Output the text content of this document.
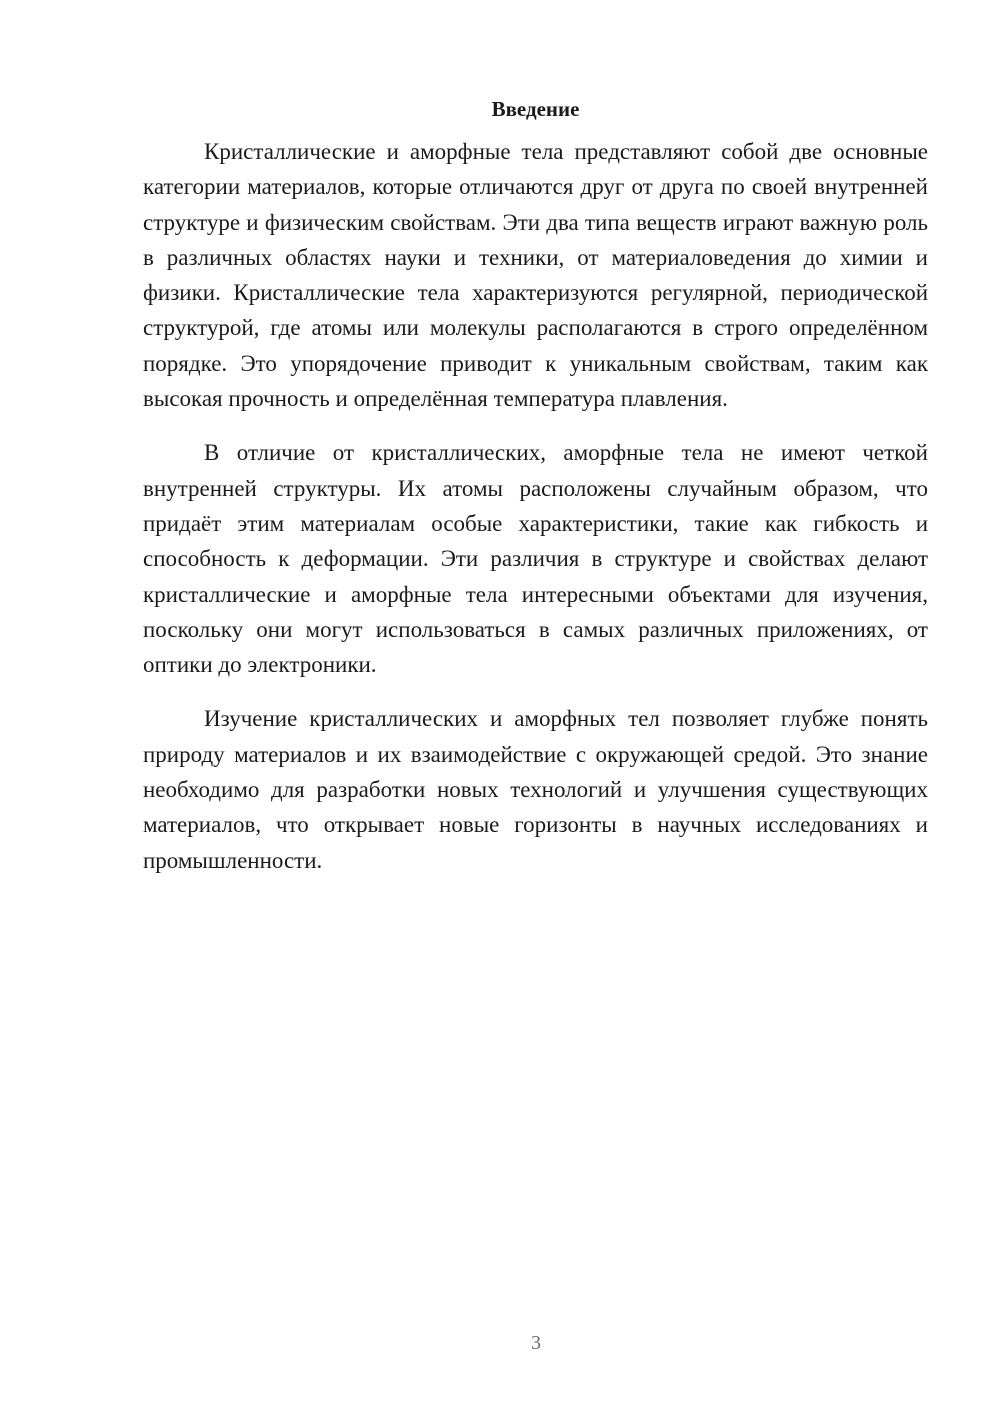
Введение

Кристаллические и аморфные тела представляют собой две основные категории материалов, которые отличаются друг от друга по своей внутренней структуре и физическим свойствам. Эти два типа веществ играют важную роль в различных областях науки и техники, от материаловедения до химии и физики. Кристаллические тела характеризуются регулярной, периодической структурой, где атомы или молекулы располагаются в строго определённом порядке. Это упорядочение приводит к уникальным свойствам, таким как высокая прочность и определённая температура плавления.

В отличие от кристаллических, аморфные тела не имеют четкой внутренней структуры. Их атомы расположены случайным образом, что придаёт этим материалам особые характеристики, такие как гибкость и способность к деформации. Эти различия в структуре и свойствах делают кристаллические и аморфные тела интересными объектами для изучения, поскольку они могут использоваться в самых различных приложениях, от оптики до электроники.

Изучение кристаллических и аморфных тел позволяет глубже понять природу материалов и их взаимодействие с окружающей средой. Это знание необходимо для разработки новых технологий и улучшения существующих материалов, что открывает новые горизонты в научных исследованиях и промышленности.

3
